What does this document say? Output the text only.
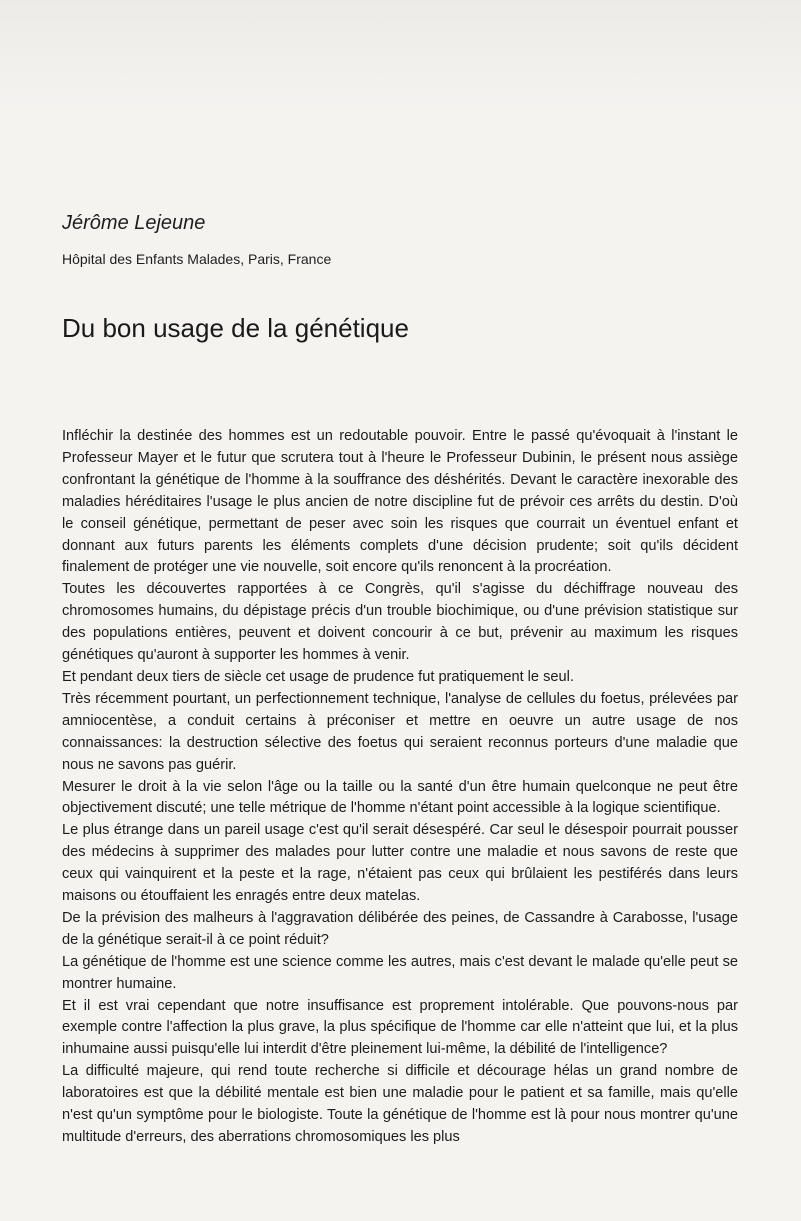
Jérôme Lejeune

Hôpital des Enfants Malades, Paris, France

Du bon usage de la génétique

Infléchir la destinée des hommes est un redoutable pouvoir. Entre le passé qu'évoquait à l'instant le Professeur Mayer et le futur que scrutera tout à l'heure le Professeur Dubinin, le présent nous assiège confrontant la génétique de l'homme à la souffrance des déshérités. Devant le caractère inexorable des maladies héréditaires l'usage le plus ancien de notre discipline fut de prévoir ces arrêts du destin. D'où le conseil génétique, permettant de peser avec soin les risques que courrait un éventuel enfant et donnant aux futurs parents les éléments complets d'une décision prudente; soit qu'ils décident finalement de protéger une vie nouvelle, soit encore qu'ils renoncent à la procréation.

Toutes les découvertes rapportées à ce Congrès, qu'il s'agisse du déchiffrage nouveau des chromosomes humains, du dépistage précis d'un trouble biochimique, ou d'une prévision statistique sur des populations entières, peuvent et doivent concourir à ce but, prévenir au maximum les risques génétiques qu'auront à supporter les hommes à venir.

Et pendant deux tiers de siècle cet usage de prudence fut pratiquement le seul.

Très récemment pourtant, un perfectionnement technique, l'analyse de cellules du foetus, prélevées par amniocentèse, a conduit certains à préconiser et mettre en oeuvre un autre usage de nos connaissances: la destruction sélective des foetus qui seraient reconnus porteurs d'une maladie que nous ne savons pas guérir.

Mesurer le droit à la vie selon l'âge ou la taille ou la santé d'un être humain quelconque ne peut être objectivement discuté; une telle métrique de l'homme n'étant point accessible à la logique scientifique.

Le plus étrange dans un pareil usage c'est qu'il serait désespéré. Car seul le désespoir pourrait pousser des médecins à supprimer des malades pour lutter contre une maladie et nous savons de reste que ceux qui vainquirent et la peste et la rage, n'étaient pas ceux qui brûlaient les pestiférés dans leurs maisons ou étouffaient les enragés entre deux matelas.

De la prévision des malheurs à l'aggravation délibérée des peines, de Cassandre à Carabosse, l'usage de la génétique serait-il à ce point réduit?

La génétique de l'homme est une science comme les autres, mais c'est devant le malade qu'elle peut se montrer humaine.

Et il est vrai cependant que notre insuffisance est proprement intolérable. Que pouvons-nous par exemple contre l'affection la plus grave, la plus spécifique de l'homme car elle n'atteint que lui, et la plus inhumaine aussi puisqu'elle lui interdit d'être pleinement lui-même, la débilité de l'intelligence?

La difficulté majeure, qui rend toute recherche si difficile et décourage hélas un grand nombre de laboratoires est que la débilité mentale est bien une maladie pour le patient et sa famille, mais qu'elle n'est qu'un symptôme pour le biologiste. Toute la génétique de l'homme est là pour nous montrer qu'une multitude d'erreurs, des aberrations chromosomiques les plus
